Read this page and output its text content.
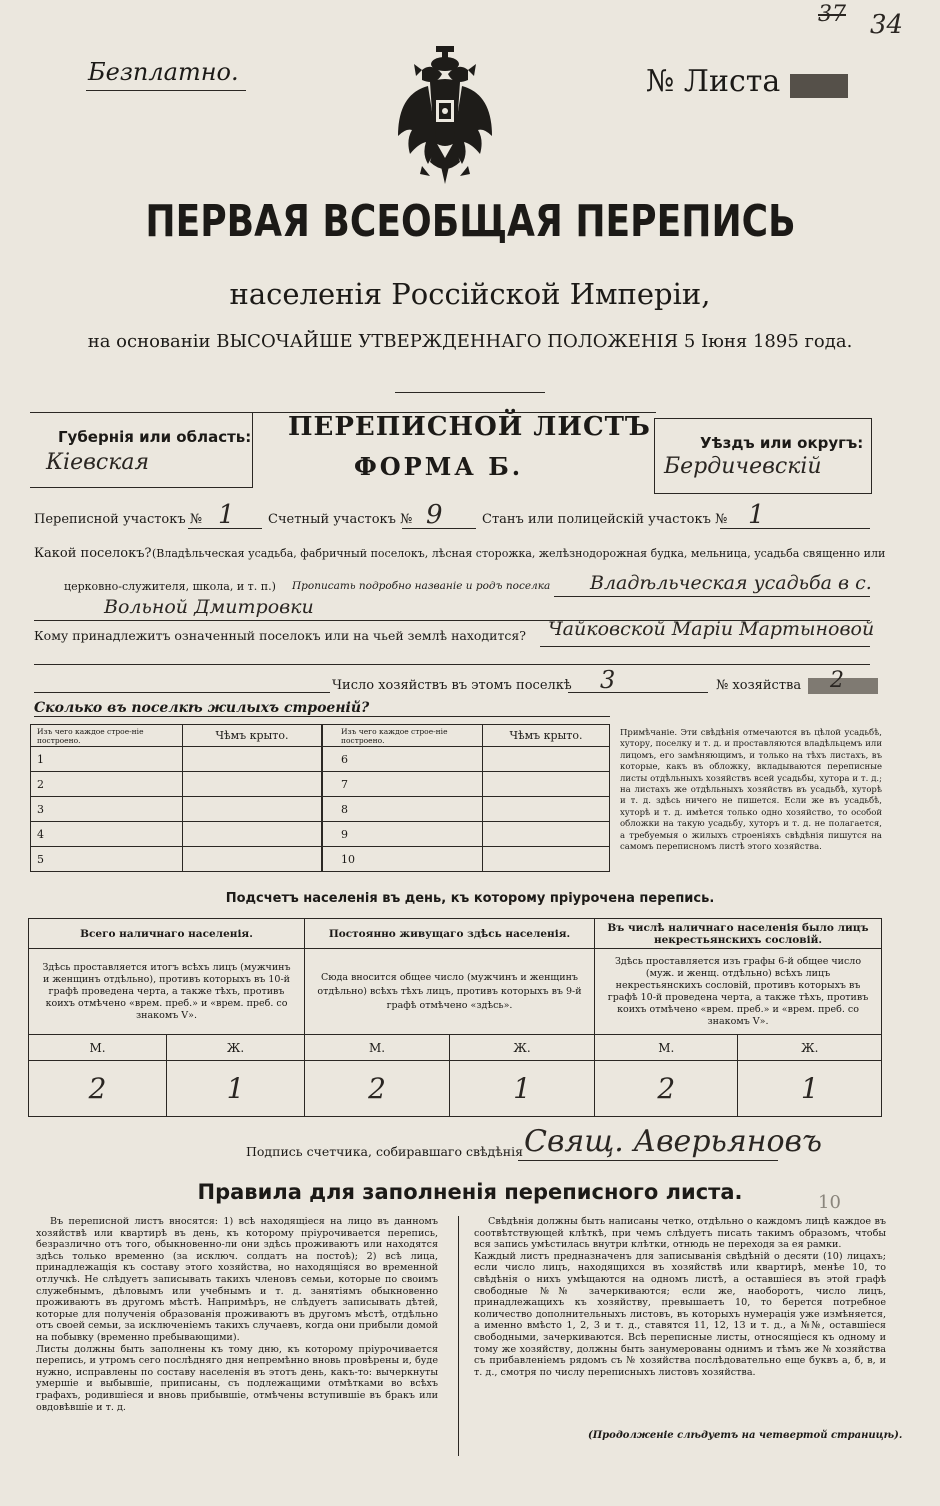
37 34
Безплатно.	№ Листа
ПЕРВАЯ ВСЕОБЩАЯ ПЕРЕПИСЬ
населенія Россійской Имперіи,
на основаніи ВЫСОЧАЙШЕ УТВЕРЖДЕННАГО ПОЛОЖЕНІЯ 5 Іюня 1895 года.
Губернія или область:
Кiевская
ПЕРЕПИСНОЙ ЛИСТЪ
ФОРМА Б.
Уѣздъ или округъ:
Бердичевскiй
Переписной участокъ № 1	Счетный участокъ № 9	Станъ или полицейскій участокъ № 1
Какой поселокъ? (Владѣльческая усадьба, фабричный поселокъ, лѣсная сторожка, желѣзнодорожная будка, мельница, усадьба священно или
церковно-служителя, школа, и т. п.) Прописать подробно названіе и родъ поселка Владѣльческая усадьба в с.
Вольной Дмитровки
Кому принадлежитъ означенный поселокъ или на чьей землѣ находится? Чайковской Маріи Мартыновой
Число хозяйствъ въ этомъ поселкѣ 3	№ хозяйства 2
Сколько въ поселкѣ жилыхъ строеній?
Изъ чего каждое строе-ніе построено.	Чѣмъ крыто.
1	
2	
3	
4	
5	
Изъ чего каждое строе-ніе построено.	Чѣмъ крыто.
6	
7	
8	
9	
10	
Примѣчаніе. Эти свѣдѣнія отмечаются въ цѣлой усадьбѣ, хутору, поселку и т. д. и проставляются владѣльцемъ или лицомъ, его замѣняющимъ, и только на тѣхъ листахъ, въ которые, какъ въ обложку, вкладываются переписные листы отдѣльныхъ хозяйствъ всей усадьбы, хутора и т. д.; на листахъ же отдѣльныхъ хозяйствъ въ усадьбѣ, хуторѣ и т. д. здѣсь ничего не пишется. Если же въ усадьбѣ, хуторѣ и т. д. имѣется только одно хозяйство, то особой обложки на такую усадьбу, хуторъ и т. д. не полагается, а требуемыя о жилыхъ строеніяхъ свѣдѣнія пишутся на самомъ переписномъ листѣ этого хозяйства.
Подсчетъ населенія въ день, къ которому пріурочена перепись.
Всего наличнаго населенія.		Постоянно живущаго здѣсь населенія.		Въ числѣ наличнаго населенія было лицъ некрестьянскихъ сословій.	
Здѣсь проставляется итогъ всѣхъ лицъ (мужчинъ и женщинъ отдѣльно), противъ которыхъ въ 10-й графѣ проведена черта, а также тѣхъ, противъ коихъ отмѣчено «врем. преб.» и «врем. преб. со знакомъ V».		Сюда вносится общее число (мужчинъ и женщинъ отдѣльно) всѣхъ тѣхъ лицъ, противъ которыхъ въ 9-й графѣ отмѣчено «здѣсь».		Здѣсь проставляется изъ графы 6-й общее число (муж. и женщ. отдѣльно) всѣхъ лицъ некрестьянскихъ сословій, противъ которыхъ въ графѣ 10-й проведена черта, а также тѣхъ, противъ коихъ отмѣчено «врем. преб.» и «врем. преб. со знакомъ V».	
М.	Ж.	М.	Ж.	М.	Ж.
2	1	2	1	2	1
Подпись счетчика, собиравшаго свѣдѣнія Свящ. Аверьяновъ
Правила для заполненія переписного листа.
Въ переписной листъ вносятся: 1) всѣ находящіеся на лицо въ данномъ хозяйствѣ или квартирѣ въ день, къ которому пріурочивается перепись, безразлично отъ того, обыкновенно-ли они здѣсь проживаютъ или находятся здѣсь только временно (за исключ. солдатъ на постоѣ); 2) всѣ лица, принадлежащія къ составу этого хозяйства, но находящіяся во временной отлучкѣ. Не слѣдуетъ записывать такихъ членовъ семьи, которые по своимъ служебнымъ, дѣловымъ или учебнымъ и т. д. занятіямъ обыкновенно проживаютъ въ другомъ мѣстѣ. Напримѣръ, не слѣдуетъ записывать дѣтей, которые для полученія образованія проживаютъ въ другомъ мѣстѣ, отдѣльно отъ своей семьи, за исключеніемъ такихъ случаевъ, когда они прибыли домой на побывку (временно пребывающими).
Листы должны быть заполнены къ тому дню, къ которому пріурочивается перепись, и утромъ сего послѣдняго дня непремѣнно вновь провѣрены и, буде нужно, исправлены по составу населенія въ этотъ день, какъ-то: вычеркнуты умершіе и выбывшіе, приписаны, съ подлежащими отмѣтками во всѣхъ графахъ, родившіеся и вновь прибывшіе, отмѣчены вступившіе въ бракъ или овдовѣвшіе и т. д.
Свѣдѣнія должны быть написаны четко, отдѣльно о каждомъ лицѣ каждое въ соотвѣтствующей клѣткѣ, при чемъ слѣдуетъ писать такимъ образомъ, чтобы вся запись умѣстилась внутри клѣтки, отнюдь не переходя за ея рамки.
Каждый листъ предназначенъ для записыванія свѣдѣній о десяти (10) лицахъ; если число лицъ, находящихся въ хозяйствѣ или квартирѣ, менѣе 10, то свѣдѣнія о нихъ умѣщаются на одномъ листѣ, а оставшіеся въ этой графѣ свободные №№ зачеркиваются; если же, наоборотъ, число лицъ, принадлежащихъ къ хозяйству, превышаетъ 10, то берется потребное количество дополнительныхъ листовъ, въ которыхъ нумерація уже измѣняется, а именно вмѣсто 1, 2, 3 и т. д., ставятся 11, 12, 13 и т. д., а №№, оставшіеся свободными, зачеркиваются. Всѣ переписные листы, относящіеся къ одному и тому же хозяйству, должны быть занумерованы однимъ и тѣмъ же № хозяйства съ прибавленіемъ рядомъ съ № хозяйства послѣдовательно еще буквъ а, б, в, и т. д., смотря по числу переписныхъ листовъ хозяйства.
(Продолженіе слѣдуетъ на четвертой страницѣ).
10
